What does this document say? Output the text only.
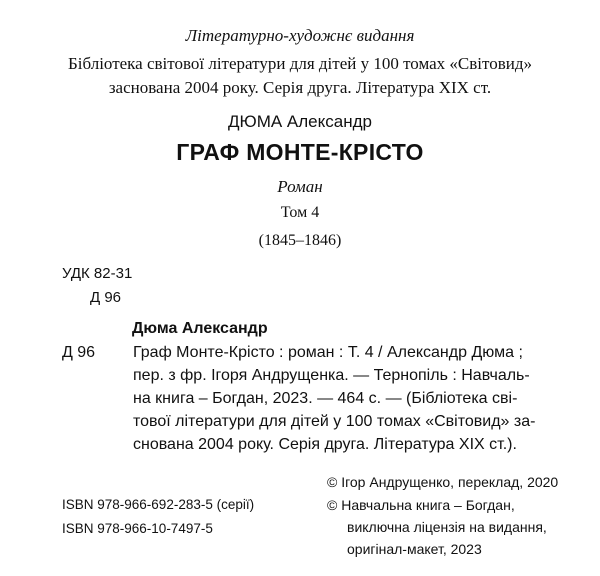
Літературно-художнє видання
Бібліотека світової літератури для дітей у 100 томах «Світовид»
заснована 2004 року. Серія друга. Література XIX ст.
ДЮМА Александр
ГРАФ МОНТЕ-КРІСТО
Роман
Том 4
(1845–1846)
УДК 82-31
Д 96
Дюма Александр
Д 96 Граф Монте-Крісто : роман : Т. 4 / Александр Дюма ;
пер. з фр. Ігоря Андрущенка. — Тернопіль : Навчаль-
на книга – Богдан, 2023. — 464 с. — (Бібліотека сві-
тової літератури для дітей у 100 томах «Світовид» за-
снована 2004 року. Серія друга. Література XIX ст.).
ISBN 978-966-692-283-5 (серії)
ISBN 978-966-10-7497-5
© Ігор Андрущенко, переклад, 2020
© Навчальна книга – Богдан,
виключна ліцензія на видання,
оригінал-макет, 2023
